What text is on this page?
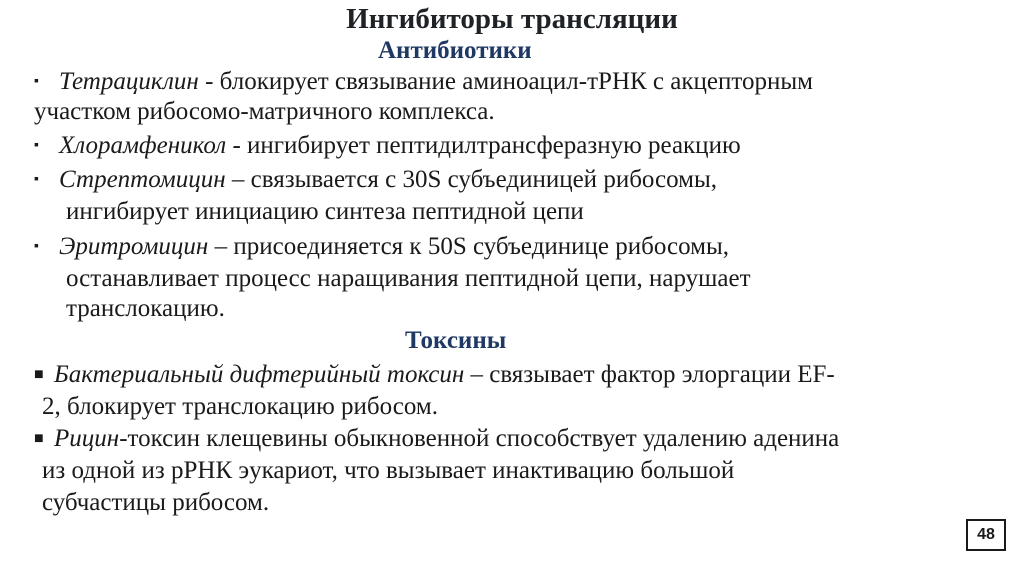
Ингибиторы трансляции
Антибиотики
▪ Тетрациклин - блокирует связывание аминоацил-тРНК с акцепторным
участком рибосомо-матричного комплекса.
▪ Хлорамфеникол - ингибирует пептидилтрансферазную реакцию
▪ Стрептомицин – связывается с 30S субъединицей рибосомы,
ингибирует инициацию синтеза пептидной цепи
▪ Эритромицин – присоединяется к 50S субъединице рибосомы,
останавливает процесс наращивания пептидной цепи, нарушает
транслокацию.
Токсины
■ Бактериальный дифтерийный токсин – связывает фактор элоргации EF-
2, блокирует транслокацию рибосом.
■ Рицин-токсин клещевины обыкновенной способствует удалению аденина
из одной из рРНК эукариот, что вызывает инактивацию большой
субчастицы рибосом.
48
